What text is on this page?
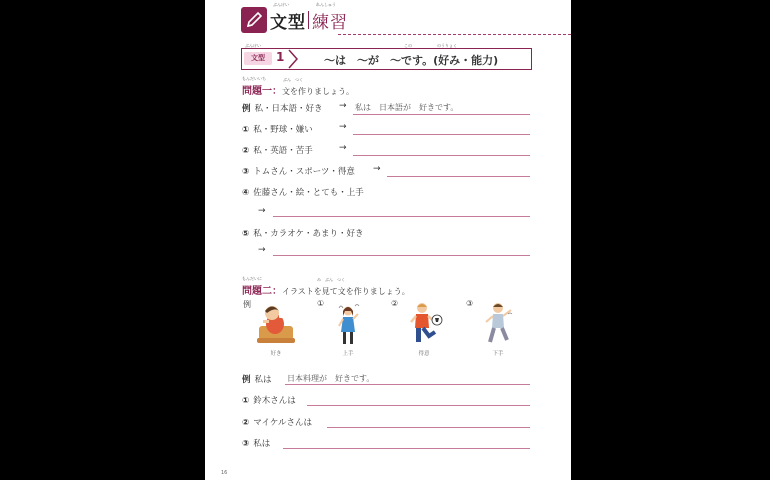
ぶんけい
文型
れんしゅう
練習
ぶんけい	この	のうりょく
文型 1	～は　～が　～です。(好み・能力)
もんだいいち	ぶん　つく
問題一：文を作りましょう。
例 私・日本語・好き → 私は　日本語が　好きです。
① 私・野球・嫌い	→
② 私・英語・苦手	→
③ トムさん・スポーツ・得意 →
④ 佐藤さん・絵・とても・上手
→
⑤ 私・カラオケ・あまり・好き
→
もんだいに	み　ぶん　つく
問題二：イラストを見て文を作りましょう。
例
好き
①
上手
②
得意
③
下手
例 私は 日本料理が　好きです。
① 鈴木さんは
② マイケルさんは
③ 私は
16
